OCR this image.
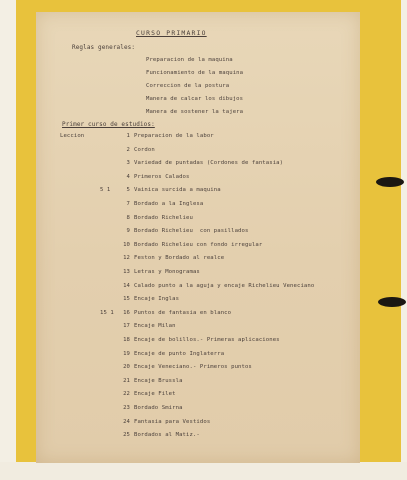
CURSO PRIMARIO
Reglas generales:
Preparacion de la maquina
Funcionamiento de la maquina
Correccion de la postura
Manera de calcar los dibujos
Manera de sostener la tajera
Primer curso de estudios:
Leccion	1 Preparacion de la labor
2 Cordon
3 Variedad de puntadas (Cordones de fantasia)
4 Primeros Calados
5 1	5 Vainica surcida a maquina
7 Bordado a la Inglesa
8 Bordado Richelieu
9 Bordado Richelieu  con pasillados
10 Bordado Richelieu con fondo irregular
12 Feston y Bordado al realce
13 Letras y Monogramas
14 Calado punto a la aguja y encaje Richelieu Veneciano
15 Encaje Inglas
15 1	16 Puntos de fantasia en blanco
17 Encaje Milan
18 Encaje de bolillos.- Primeras aplicaciones
19 Encaje de punto Inglaterra
20 Encaje Veneciano.- Primeros puntos
21 Encaje Brussla
22 Encaje Filet
23 Bordado Smirna
24 Fantasia para Vestidos
25 Bordados al Matiz.-
